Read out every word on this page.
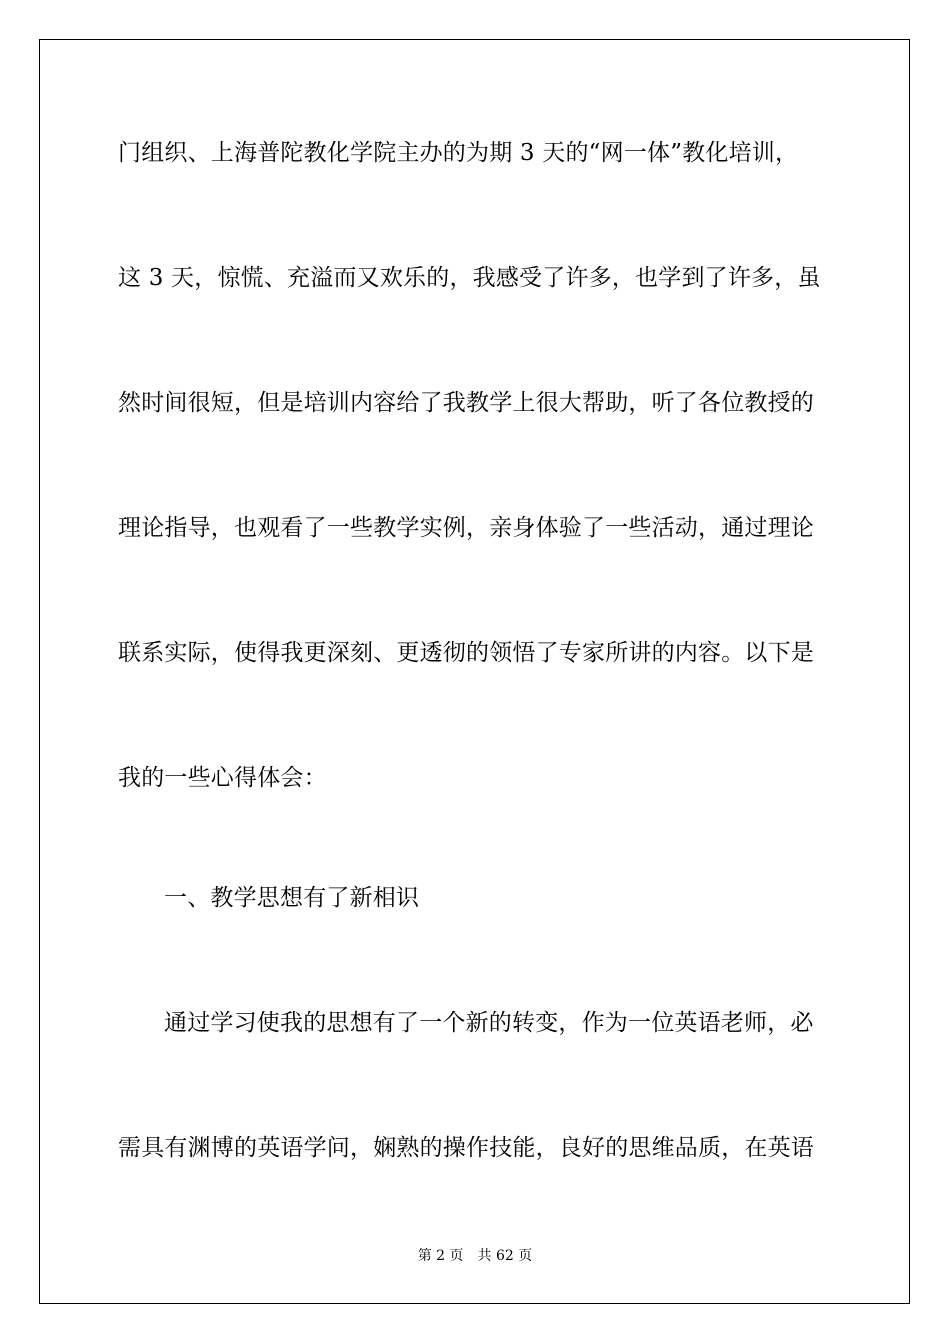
门组织、上海普陀教化学院主办的为期 3 天的“网一体”教化培训，
这 3 天，惊慌、充溢而又欢乐的，我感受了许多，也学到了许多，虽
然时间很短，但是培训内容给了我教学上很大帮助，听了各位教授的
理论指导，也观看了一些教学实例，亲身体验了一些活动，通过理论
联系实际，使得我更深刻、更透彻的领悟了专家所讲的内容。以下是
我的一些心得体会：
一、教学思想有了新相识
通过学习使我的思想有了一个新的转变，作为一位英语老师，必
需具有渊博的英语学问，娴熟的操作技能，良好的思维品质，在英语
第 2 页 共 62 页
